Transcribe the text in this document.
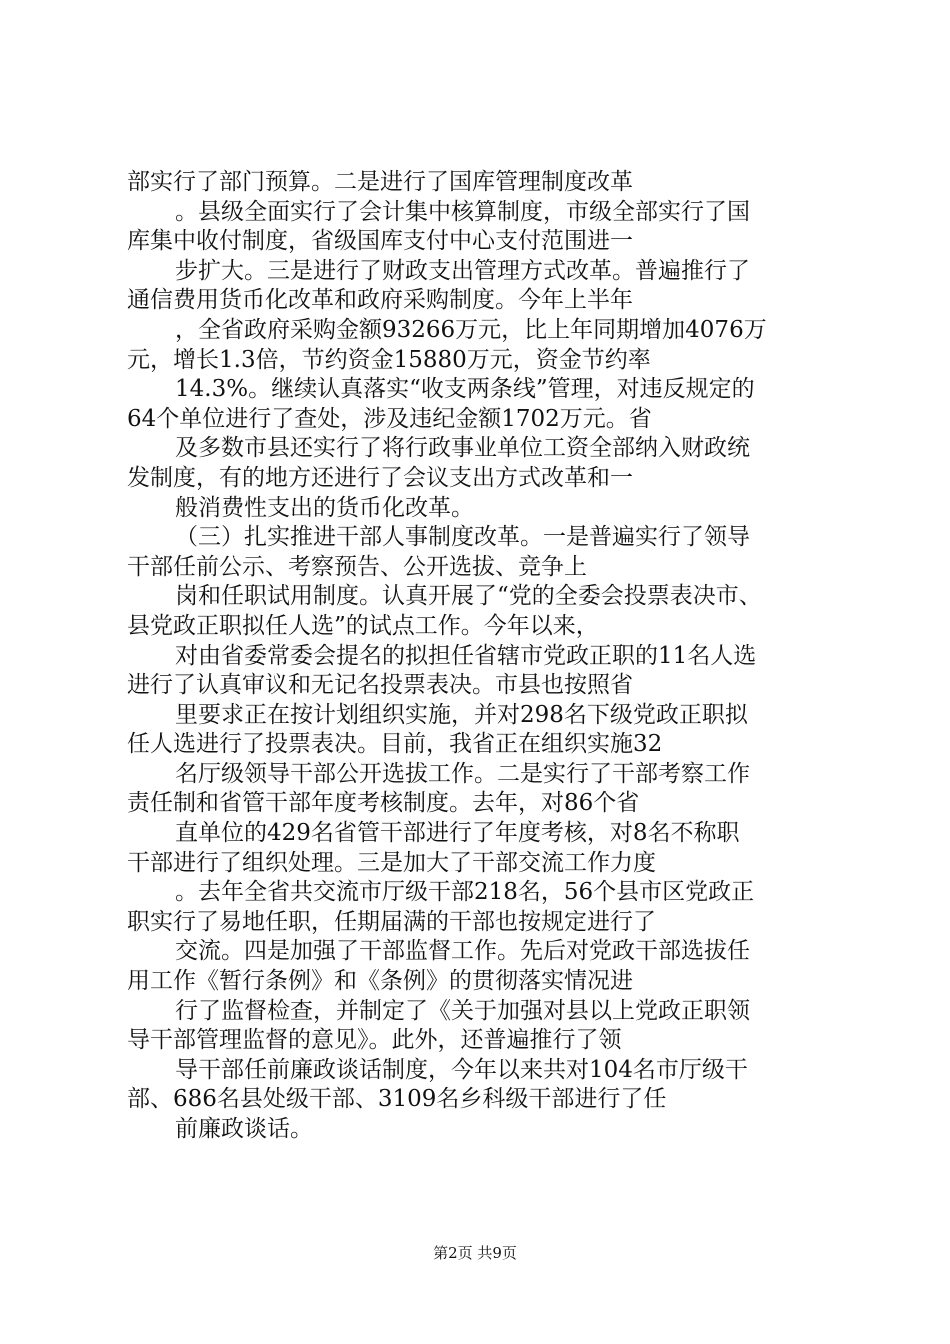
部实行了部门预算。二是进行了国库管理制度改革
。县级全面实行了会计集中核算制度，市级全部实行了国
库集中收付制度，省级国库支付中心支付范围进一
步扩大。三是进行了财政支出管理方式改革。普遍推行了
通信费用货币化改革和政府采购制度。今年上半年
，全省政府采购金额93266万元，比上年同期增加4076万
元，增长1.3倍，节约资金15880万元，资金节约率
14.3%。继续认真落实“收支两条线”管理，对违反规定的
64个单位进行了查处，涉及违纪金额1702万元。省
及多数市县还实行了将行政事业单位工资全部纳入财政统
发制度，有的地方还进行了会议支出方式改革和一
般消费性支出的货币化改革。
（三）扎实推进干部人事制度改革。一是普遍实行了领导
干部任前公示、考察预告、公开选拔、竞争上
岗和任职试用制度。认真开展了“党的全委会投票表决市、
县党政正职拟任人选”的试点工作。今年以来，
对由省委常委会提名的拟担任省辖市党政正职的11名人选
进行了认真审议和无记名投票表决。市县也按照省
里要求正在按计划组织实施，并对298名下级党政正职拟
任人选进行了投票表决。目前，我省正在组织实施32
名厅级领导干部公开选拔工作。二是实行了干部考察工作
责任制和省管干部年度考核制度。去年，对86个省
直单位的429名省管干部进行了年度考核，对8名不称职
干部进行了组织处理。三是加大了干部交流工作力度
。去年全省共交流市厅级干部218名，56个县市区党政正
职实行了易地任职，任期届满的干部也按规定进行了
交流。四是加强了干部监督工作。先后对党政干部选拔任
用工作《暂行条例》和《条例》的贯彻落实情况进
行了监督检查，并制定了《关于加强对县以上党政正职领
导干部管理监督的意见》。此外，还普遍推行了领
导干部任前廉政谈话制度，今年以来共对104名市厅级干
部、686名县处级干部、3109名乡科级干部进行了任
前廉政谈话。
第2页 共9页
